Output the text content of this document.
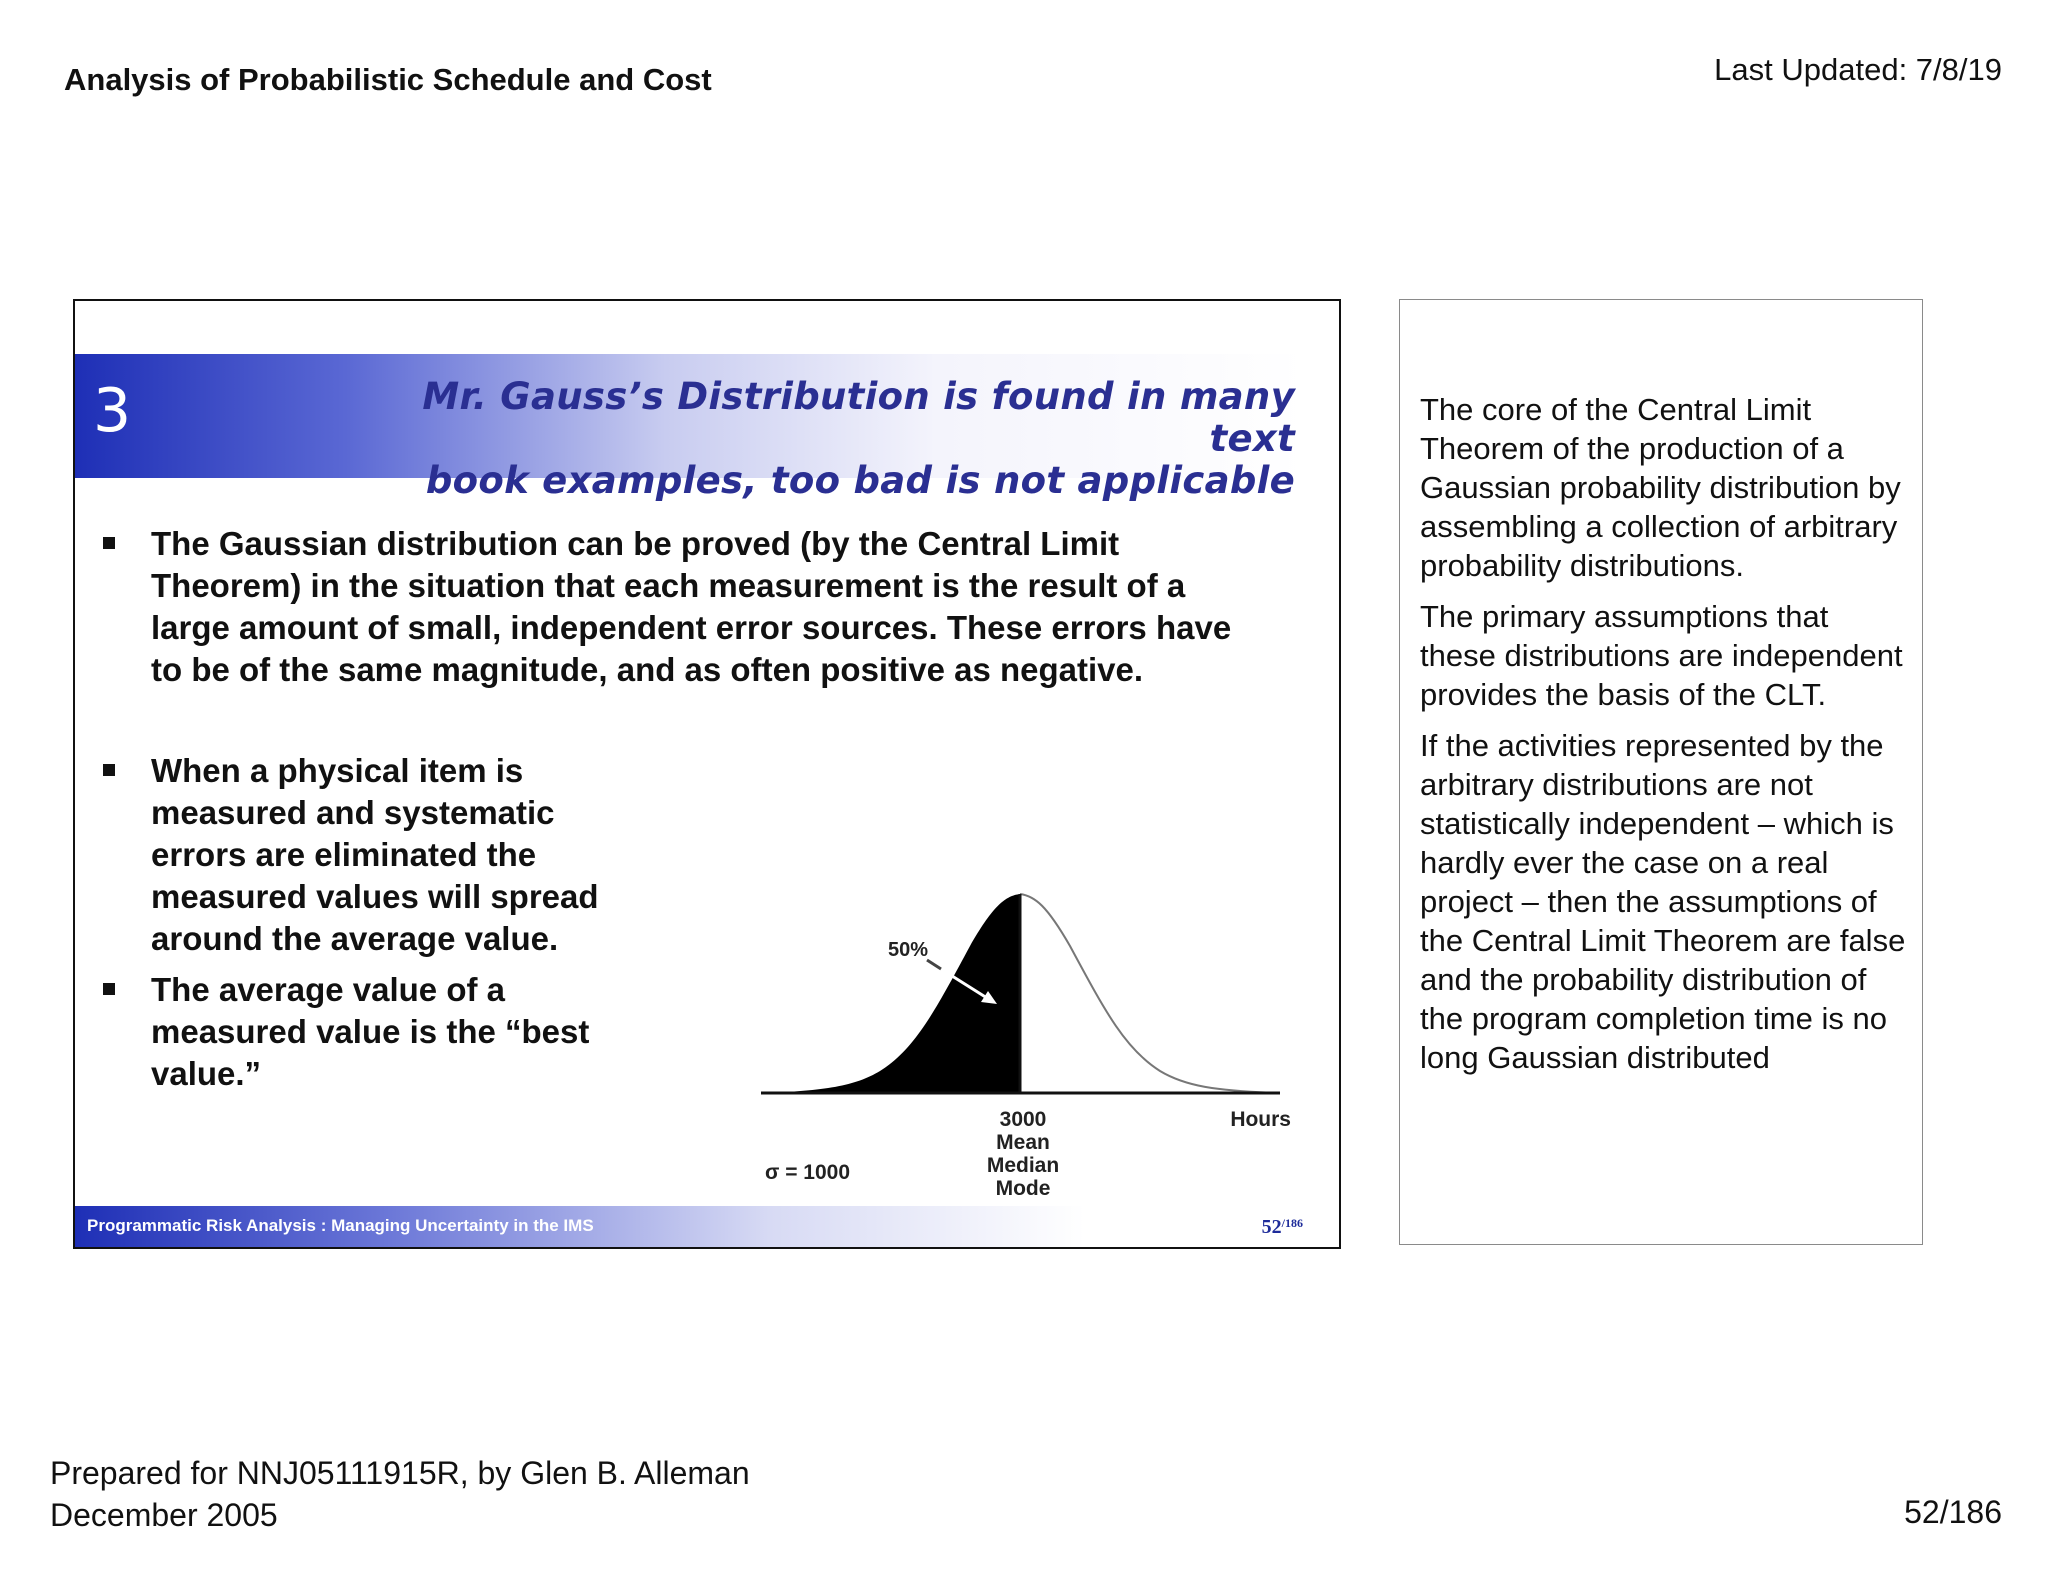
Analysis of Probabilistic Schedule and Cost	Last Updated: 7/8/19
3	Mr. Gauss’s Distribution is found in many text
book examples, too bad is not applicable
The Gaussian distribution can be proved (by the Central Limit Theorem) in the situation that each measurement is the result of a large amount of small, independent error sources. These errors have to be of the same magnitude, and as often positive as negative.
When a physical item is measured and systematic errors are eliminated the measured values will spread around the average value.
The average value of a measured value is the “best value.”
50%
3000
Mean
Median
Mode
Hours
σ = 1000
Programmatic Risk Analysis : Managing Uncertainty in the IMS	$52^{/186}$

The core of the Central Limit Theorem of the production of a Gaussian probability distribution by assembling a collection of arbitrary probability distributions.

The primary assumptions that these distributions are independent provides the basis of the CLT.

If the activities represented by the arbitrary distributions are not statistically independent – which is hardly ever the case on a real project – then the assumptions of the Central Limit Theorem are false and the probability distribution of the program completion time is no long Gaussian distributed

Prepared for NNJ05111915R, by Glen B. Alleman
December 2005	52/186
